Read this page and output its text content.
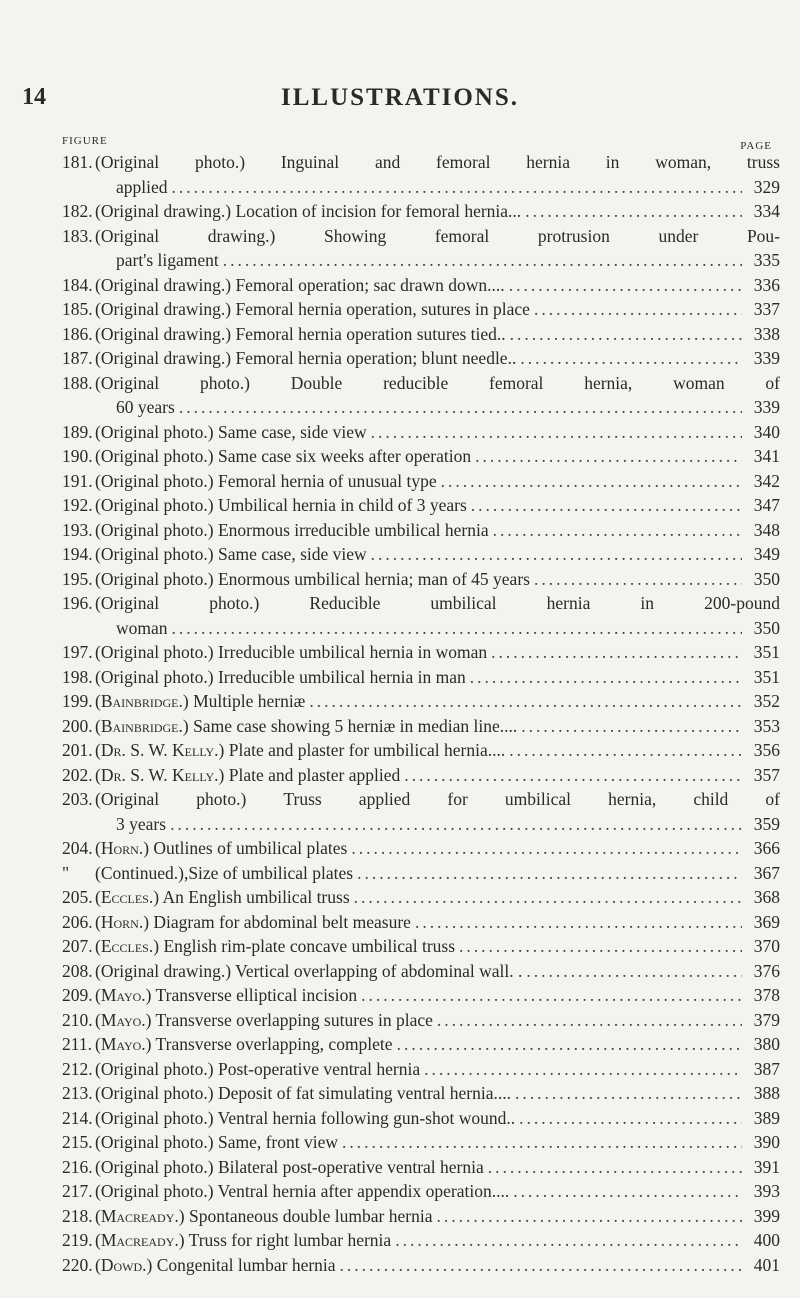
14	ILLUSTRATIONS.
FIGURE	PAGE
181. (Original photo.) Inguinal and femoral hernia in woman, truss
applied .....	329
182. (Original drawing.) Location of incision for femoral hernia... .....	334
183. (Original	drawing.)	Showing	femoral	protrusion	under	Pou-
part's ligament .....	335
184. (Original drawing.) Femoral operation; sac drawn down.... .....	336
185. (Original drawing.) Femoral hernia operation, sutures in place .....	337
186. (Original drawing.) Femoral hernia operation sutures tied.. .....	338
187. (Original drawing.) Femoral hernia operation; blunt needle.. .....	339
188. (Original photo.) Double reducible femoral hernia, woman of
60 years .....	339
189. (Original photo.) Same case, side view .....	340
190. (Original photo.) Same case six weeks after operation .....	341
191. (Original photo.) Femoral hernia of unusual type .....	342
192. (Original photo.) Umbilical hernia in child of 3 years .....	347
193. (Original photo.) Enormous irreducible umbilical hernia .....	348
194. (Original photo.) Same case, side view .....	349
195. (Original photo.) Enormous umbilical hernia; man of 45 years .....	350
196. (Original	photo.)	Reducible	umbilical	hernia	in	200-pound
woman .....	350
197. (Original photo.) Irreducible umbilical hernia in woman .....	351
198. (Original photo.) Irreducible umbilical hernia in man .....	351
199. (Bainbridge.) Multiple herniæ .....	352
200. (Bainbridge.) Same case showing 5 herniæ in median line.... .....	353
201. (Dr. S. W. Kelly.) Plate and plaster for umbilical hernia.... .....	356
202. (Dr. S. W. Kelly.) Plate and plaster applied .....	357
203. (Original photo.) Truss applied for umbilical hernia, child of
3 years .....	359
204. (Horn.) Outlines of umbilical plates .....	366
"	(Continued.),Size of umbilical plates .....	367
205. (Eccles.) An English umbilical truss .....	368
206. (Horn.) Diagram for abdominal belt measure .....	369
207. (Eccles.) English rim-plate concave umbilical truss .....	370
208. (Original drawing.) Vertical overlapping of abdominal wall. . .....	376
209. (Mayo.) Transverse elliptical incision .....	378
210. (Mayo.) Transverse overlapping sutures in place .....	379
211. (Mayo.) Transverse overlapping, complete .....	380
212. (Original photo.) Post-operative ventral hernia .....	387
213. (Original photo.) Deposit of fat simulating ventral hernia.... .....	388
214. (Original photo.) Ventral hernia following gun-shot wound.. .....	389
215. (Original photo.) Same, front view .....	390
216. (Original photo.) Bilateral post-operative ventral hernia .....	391
217. (Original photo.) Ventral hernia after appendix operation.... .....	393
218. (Macready.) Spontaneous double lumbar hernia .....	399
219. (Macready.) Truss for right lumbar hernia .....	400
220. (Dowd.) Congenital lumbar hernia .....	401
